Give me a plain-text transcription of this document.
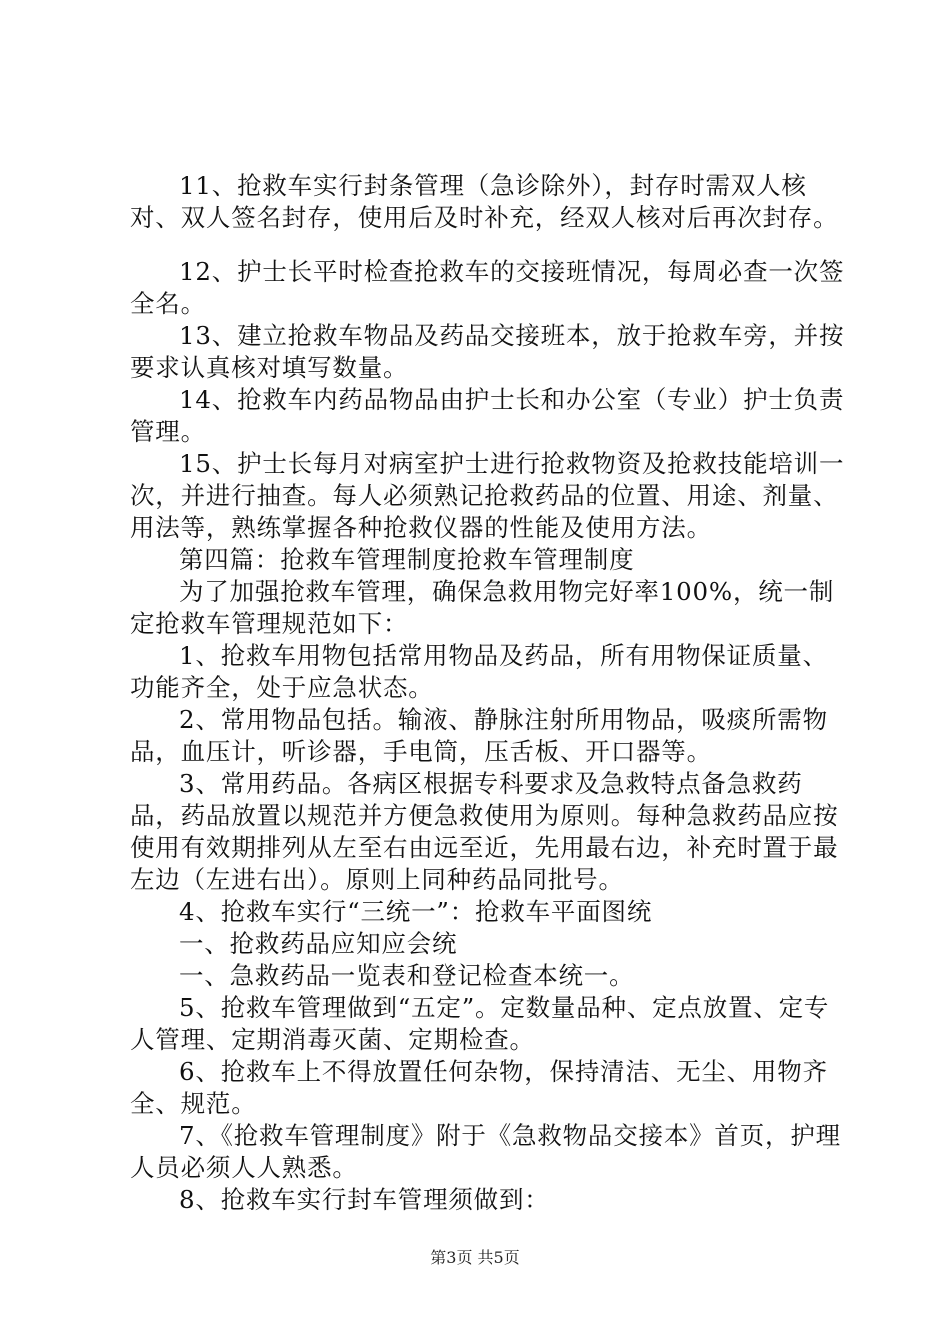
11、抢救车实行封条管理（急诊除外），封存时需双人核对、双人签名封存，使用后及时补充，经双人核对后再次封存。

12、护士长平时检查抢救车的交接班情况，每周必查一次签全名。

13、建立抢救车物品及药品交接班本，放于抢救车旁，并按要求认真核对填写数量。

14、抢救车内药品物品由护士长和办公室（专业）护士负责管理。

15、护士长每月对病室护士进行抢救物资及抢救技能培训一次，并进行抽查。每人必须熟记抢救药品的位置、用途、剂量、用法等，熟练掌握各种抢救仪器的性能及使用方法。

第四篇：抢救车管理制度抢救车管理制度

为了加强抢救车管理，确保急救用物完好率100%，统一制定抢救车管理规范如下：

1、抢救车用物包括常用物品及药品，所有用物保证质量、功能齐全，处于应急状态。

2、常用物品包括。输液、静脉注射所用物品，吸痰所需物品，血压计，听诊器，手电筒，压舌板、开口器等。

3、常用药品。各病区根据专科要求及急救特点备急救药品，药品放置以规范并方便急救使用为原则。每种急救药品应按使用有效期排列从左至右由远至近，先用最右边，补充时置于最左边（左进右出）。原则上同种药品同批号。

4、抢救车实行“三统一”：抢救车平面图统

一、抢救药品应知应会统

一、急救药品一览表和登记检查本统一。

5、抢救车管理做到“五定”。定数量品种、定点放置、定专人管理、定期消毒灭菌、定期检查。

6、抢救车上不得放置任何杂物，保持清洁、无尘、用物齐全、规范。

7、《抢救车管理制度》附于《急救物品交接本》首页，护理人员必须人人熟悉。

8、抢救车实行封车管理须做到：

第3页 共5页
